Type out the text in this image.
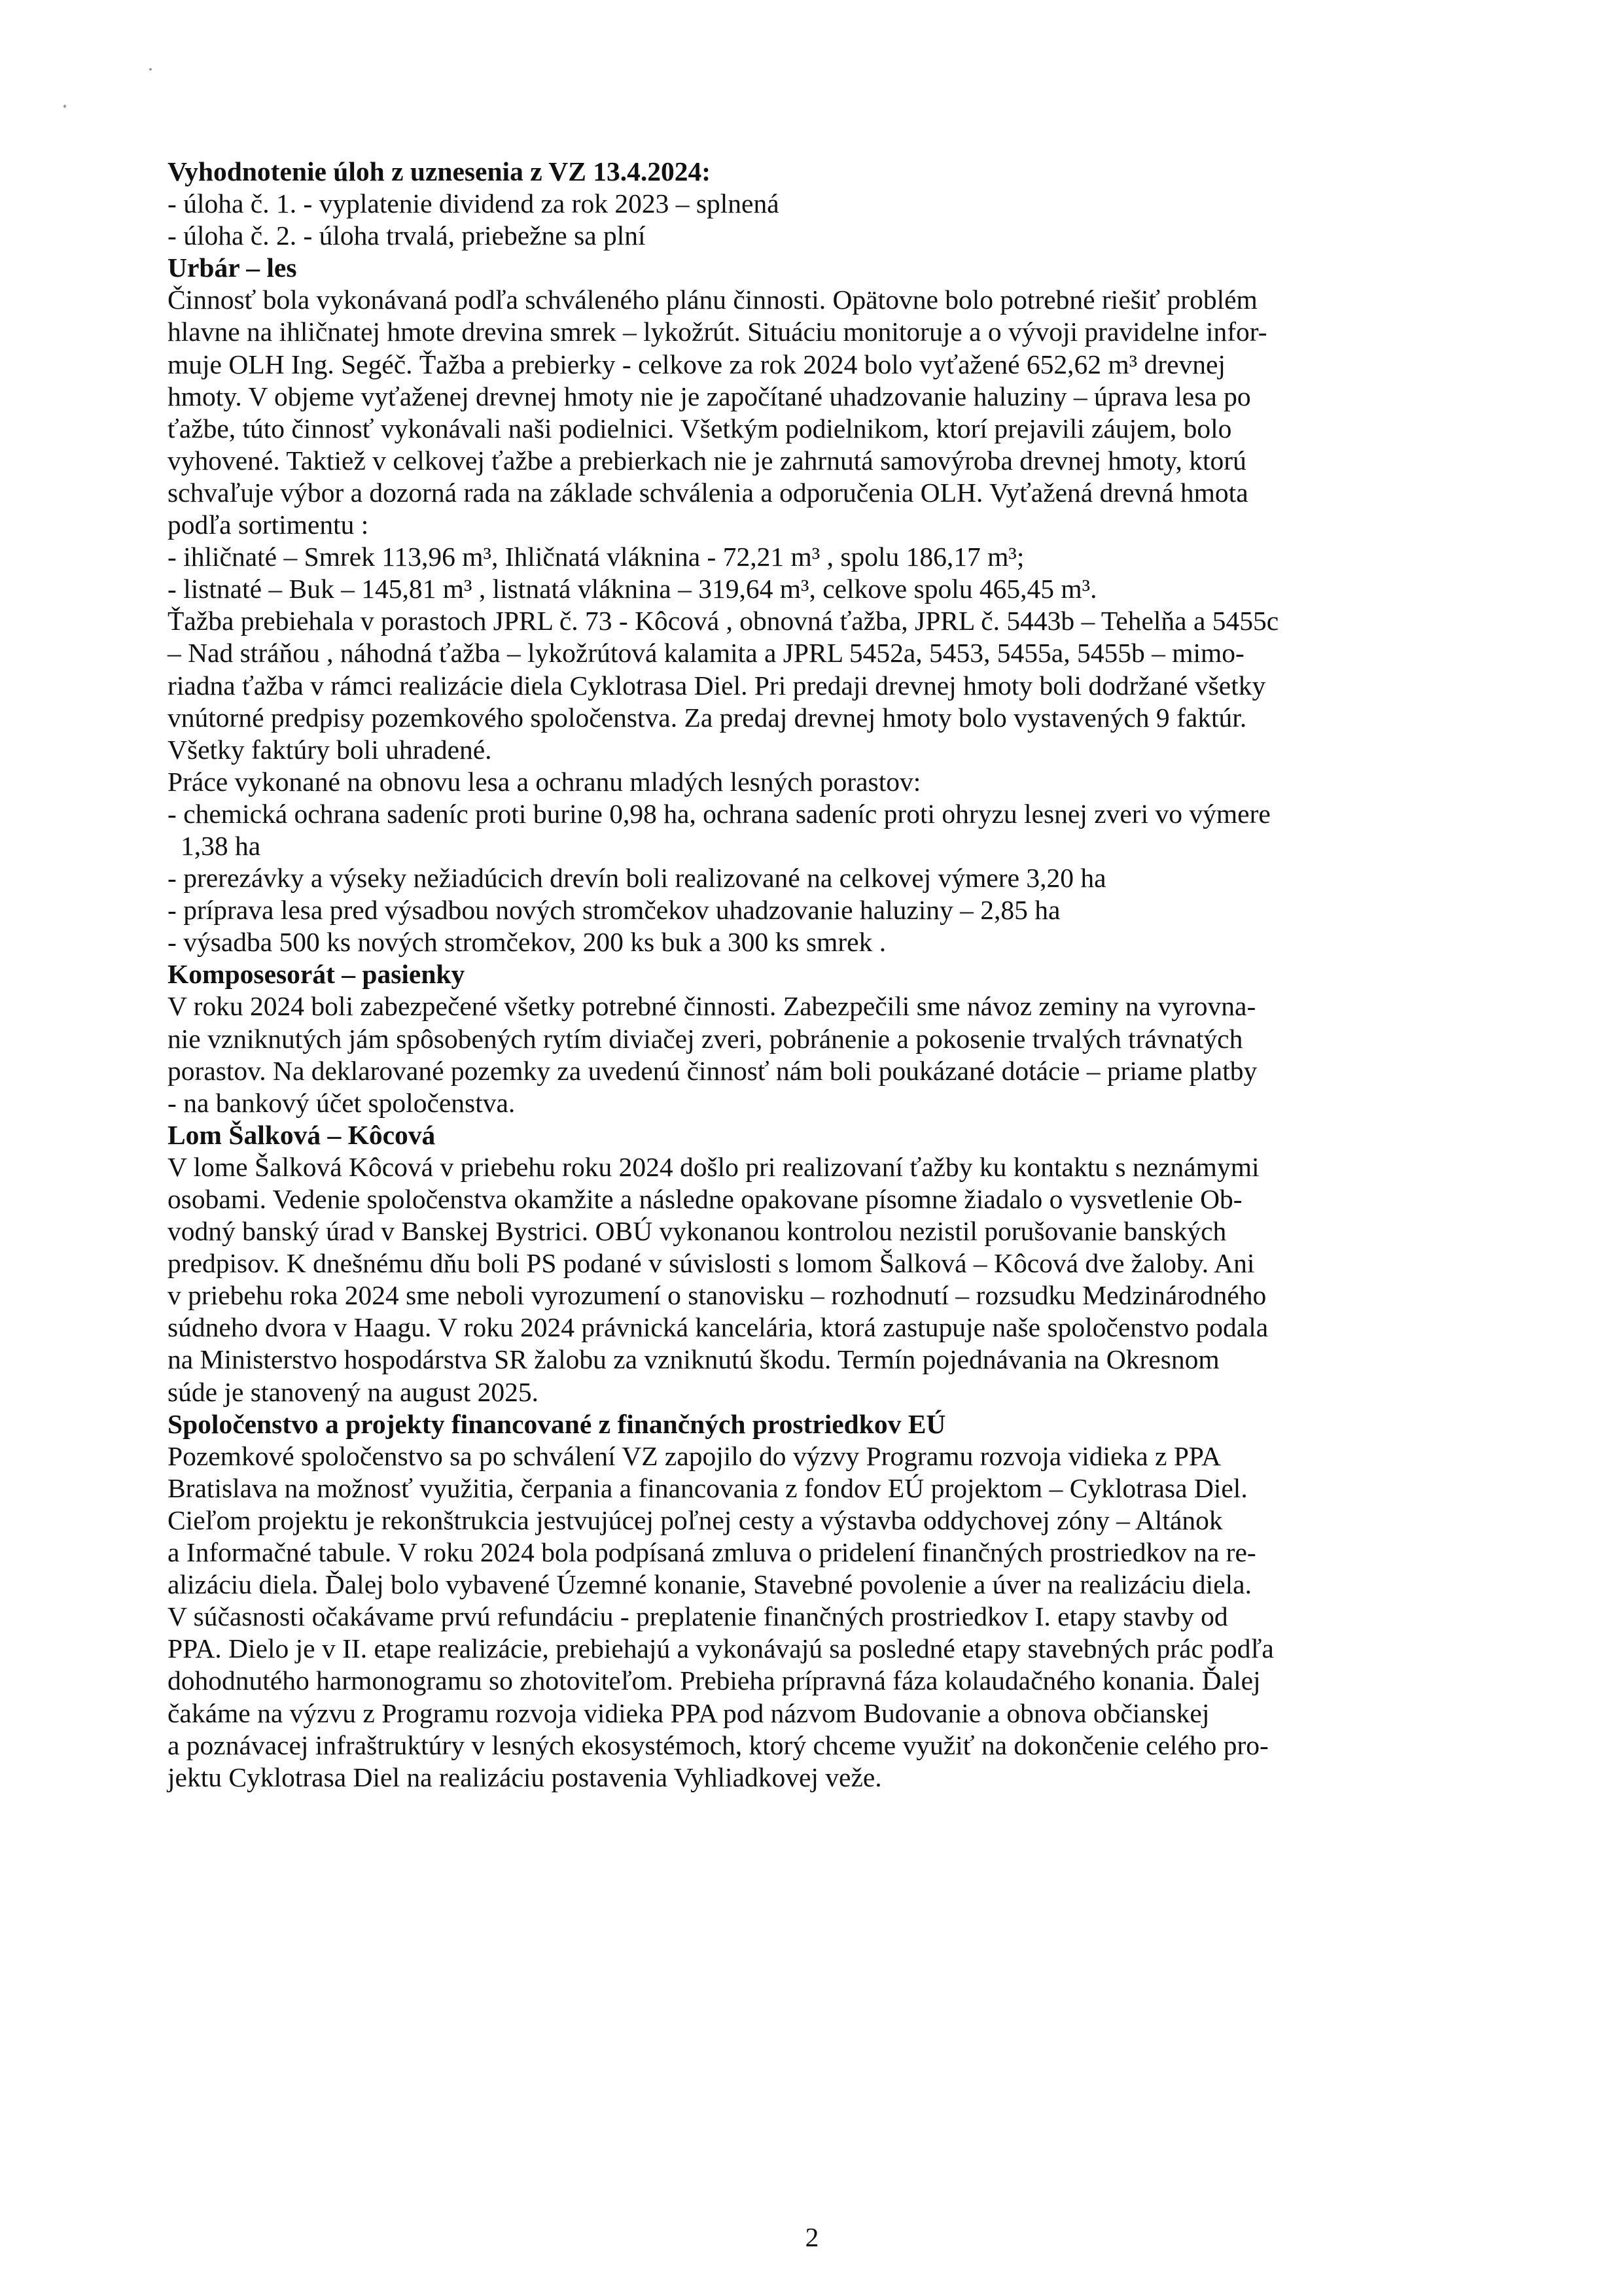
Vyhodnotenie úloh z uznesenia z VZ 13.4.2024:
- úloha č. 1. - vyplatenie dividend za rok 2023 – splnená
- úloha č. 2. - úloha trvalá, priebežne sa plní
Urbár – les
Činnosť bola vykonávaná podľa schváleného plánu činnosti. Opätovne bolo potrebné riešiť problém
hlavne na ihličnatej hmote drevina smrek – lykožrút. Situáciu monitoruje a o vývoji pravidelne infor-
muje OLH Ing. Segéč. Ťažba a prebierky - celkove za rok 2024 bolo vyťažené 652,62 m³ drevnej
hmoty. V objeme vyťaženej drevnej hmoty nie je započítané uhadzovanie haluziny – úprava lesa po
ťažbe, túto činnosť vykonávali naši podielnici. Všetkým podielnikom, ktorí prejavili záujem, bolo
vyhovené. Taktiež v celkovej ťažbe a prebierkach nie je zahrnutá samovýroba drevnej hmoty, ktorú
schvaľuje výbor a dozorná rada na základe schválenia a odporučenia OLH. Vyťažená drevná hmota
podľa sortimentu :
- ihličnaté – Smrek 113,96 m³, Ihličnatá vláknina - 72,21 m³ , spolu 186,17 m³;
- listnaté – Buk – 145,81 m³ , listnatá vláknina – 319,64 m³, celkove spolu 465,45 m³.
Ťažba prebiehala v porastoch JPRL č. 73 - Kôcová , obnovná ťažba, JPRL č. 5443b – Tehelňa a 5455c
– Nad stráňou , náhodná ťažba – lykožrútová kalamita a JPRL 5452a, 5453, 5455a, 5455b – mimo-
riadna ťažba v rámci realizácie diela Cyklotrasa Diel. Pri predaji drevnej hmoty boli dodržané všetky
vnútorné predpisy pozemkového spoločenstva. Za predaj drevnej hmoty bolo vystavených 9 faktúr.
Všetky faktúry boli uhradené.
Práce vykonané na obnovu lesa a ochranu mladých lesných porastov:
- chemická ochrana sadeníc proti burine 0,98 ha, ochrana sadeníc proti ohryzu lesnej zveri vo výmere
1,38 ha
- prerezávky a výseky nežiadúcich drevín boli realizované na celkovej výmere 3,20 ha
- príprava lesa pred výsadbou nových stromčekov uhadzovanie haluziny – 2,85 ha
- výsadba 500 ks nových stromčekov, 200 ks buk a 300 ks smrek .
Komposesorát – pasienky
V roku 2024 boli zabezpečené všetky potrebné činnosti. Zabezpečili sme návoz zeminy na vyrovna-
nie vzniknutých jám spôsobených rytím diviačej zveri, pobránenie a pokosenie trvalých trávnatých
porastov. Na deklarované pozemky za uvedenú činnosť nám boli poukázané dotácie – priame platby
- na bankový účet spoločenstva.
Lom Šalková – Kôcová
V lome Šalková Kôcová v priebehu roku 2024 došlo pri realizovaní ťažby ku kontaktu s neznámymi
osobami. Vedenie spoločenstva okamžite a následne opakovane písomne žiadalo o vysvetlenie Ob-
vodný banský úrad v Banskej Bystrici. OBÚ vykonanou kontrolou nezistil porušovanie banských
predpisov. K dnešnému dňu boli PS podané v súvislosti s lomom Šalková – Kôcová dve žaloby. Ani
v priebehu roka 2024 sme neboli vyrozumení o stanovisku – rozhodnutí – rozsudku Medzinárodného
súdneho dvora v Haagu. V roku 2024 právnická kancelária, ktorá zastupuje naše spoločenstvo podala
na Ministerstvo hospodárstva SR žalobu za vzniknutú škodu. Termín pojednávania na Okresnom
súde je stanovený na august 2025.
Spoločenstvo a projekty financované z finančných prostriedkov EÚ
Pozemkové spoločenstvo sa po schválení VZ zapojilo do výzvy Programu rozvoja vidieka z PPA
Bratislava na možnosť využitia, čerpania a financovania z fondov EÚ projektom – Cyklotrasa Diel.
Cieľom projektu je rekonštrukcia jestvujúcej poľnej cesty a výstavba oddychovej zóny – Altánok
a Informačné tabule. V roku 2024 bola podpísaná zmluva o pridelení finančných prostriedkov na re-
alizáciu diela. Ďalej bolo vybavené Územné konanie, Stavebné povolenie a úver na realizáciu diela.
V súčasnosti očakávame prvú refundáciu - preplatenie finančných prostriedkov I. etapy stavby od
PPA. Dielo je v II. etape realizácie, prebiehajú a vykonávajú sa posledné etapy stavebných prác podľa
dohodnutého harmonogramu so zhotoviteľom. Prebieha prípravná fáza kolaudačného konania. Ďalej
čakáme na výzvu z Programu rozvoja vidieka PPA pod názvom Budovanie a obnova občianskej
a poznávacej infraštruktúry v lesných ekosystémoch, ktorý chceme využiť na dokončenie celého pro-
jektu Cyklotrasa Diel na realizáciu postavenia Vyhliadkovej veže.
2
